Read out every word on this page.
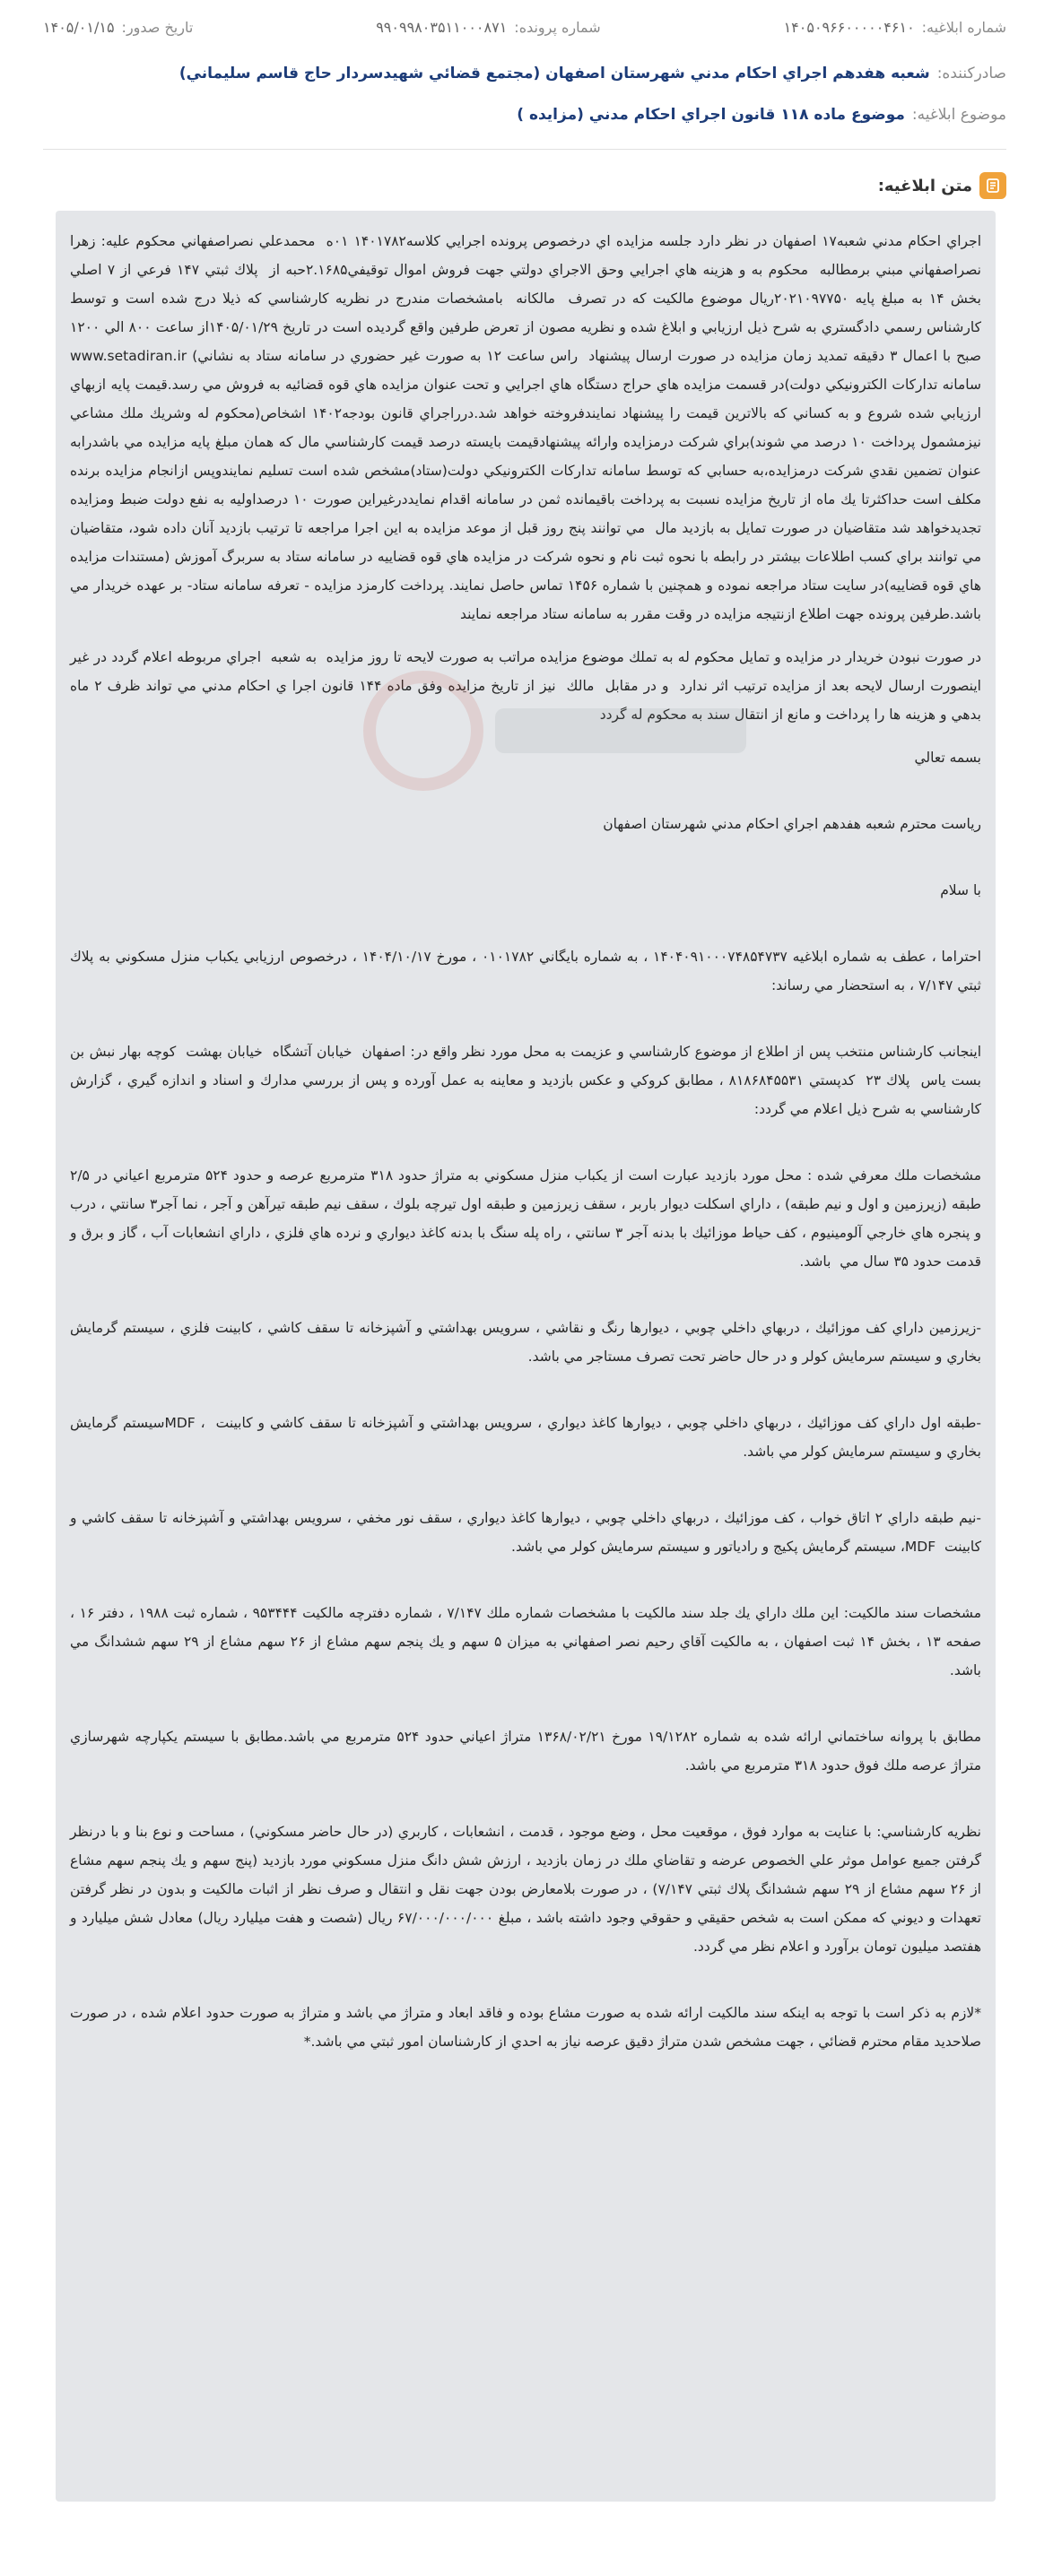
شماره ابلاغیه:
۱۴۰۵۰۹۶۶۰۰۰۰۰۴۶۱۰
شماره پرونده:
۹۹۰۹۹۸۰۳۵۱۱۰۰۰۸۷۱
تاریخ صدور:
۱۴۰۵/۰۱/۱۵
صادرکننده:
شعبه هفدهم اجراي احكام مدني شهرستان اصفهان (مجتمع قضائي شهيدسردار حاج قاسم سليماني)
موضوع ابلاغیه:
موضوع ماده ۱۱۸ قانون اجراي احكام مدني (مزايده )
متن ابلاغیه:

اجراي احكام مدني شعبه۱۷ اصفهان در نظر دارد جلسه مزايده اي درخصوص پرونده اجرايي كلاسه۱۴۰۱۷۸۲ ۰۱ه  محمدعلي نصراصفهاني محكوم عليه: زهرا نصراصفهاني مبني برمطالبه  محكوم به و هزينه هاي اجرايي وحق الاجراي دولتي جهت فروش اموال توقيفي۲.۱۶۸۵حبه از  پلاك ثبتي ۱۴۷ فرعي از ۷ اصلي بخش ۱۴ به مبلغ پايه ۲۰۲۱۰۹۷۷۵۰ريال موضوع مالكيت كه در تصرف  مالكانه  بامشخصات مندرج در نظريه كارشناسي كه ذيلا درج شده است و توسط كارشناس رسمي دادگستري به شرح ذيل ارزيابي و ابلاغ شده و نظريه مصون از تعرض طرفين واقع گرديده است در تاريخ ۱۴۰۵/۰۱/۲۹از ساعت ۸۰۰ الي ۱۲۰۰ صبح با اعمال ۳ دقيقه تمديد زمان مزايده در صورت ارسال پيشنهاد  راس ساعت ۱۲ به صورت غير حضوري در سامانه ستاد به نشاني) www.setadiran.ir سامانه تداركات الكترونيكي دولت)در قسمت مزايده هاي حراج دستگاه هاي اجرايي و تحت عنوان مزايده هاي قوه قضائيه به فروش مي رسد.قيمت پايه ازبهاي ارزيابي شده شروع و به كساني كه بالاترين قيمت را پيشنهاد نمايندفروخته خواهد شد.درراجراي قانون بودجه۱۴۰۲ اشخاص(محكوم له وشريك ملك مشاعي نيزمشمول پرداخت ۱۰ درصد مي شوند)براي شركت درمزايده وارائه پيشنهادقيمت بايسته درصد قيمت كارشناسي مال كه همان مبلغ پايه مزايده مي باشدرابه عنوان تضمين نقدي شركت درمزايده،به حسابي كه توسط سامانه تداركات الكترونيكي دولت(ستاد)مشخص شده است تسليم نمايندوپس ازانجام مزايده برنده مكلف است حداكثرتا يك ماه از تاريخ مزايده نسبت به پرداخت باقيمانده ثمن در سامانه اقدام نمايددرغيراين صورت ۱۰ درصداوليه به نفع دولت ضبط ومزايده تجديدخواهد شد متقاضيان در صورت تمايل به بازديد مال  مي توانند پنج روز قبل از موعد مزايده به اين اجرا مراجعه تا ترتيب بازديد آنان داده شود، متقاضيان مي توانند براي كسب اطلاعات بيشتر در رابطه با نحوه ثبت نام و نحوه شركت در مزايده هاي قوه قضاييه در سامانه ستاد به سربرگ آموزش (مستندات مزايده هاي قوه قضاييه)در سايت ستاد مراجعه نموده و همچنين با شماره ۱۴۵۶ تماس حاصل نمايند. پرداخت كارمزد مزايده - تعرفه سامانه ستاد- بر عهده خريدار مي باشد.طرفين پرونده جهت اطلاع ازنتيجه مزايده در وقت مقرر به سامانه ستاد مراجعه نمايند

در صورت نبودن خريدار در مزايده و تمايل محكوم له به تملك موضوع مزايده مراتب به صورت لايحه تا روز مزايده  به شعبه  اجراي مربوطه اعلام گردد در غير اينصورت ارسال لايحه بعد از مزايده ترتيب اثر ندارد  و در مقابل  مالك  نيز از تاريخ مزايده وفق ماده ۱۴۴ قانون اجرا ي احكام مدني مي تواند ظرف ۲ ماه بدهي و هزينه ها را پرداخت و مانع از انتقال سند به محكوم له گردد

بسمه تعالي

رياست محترم شعبه هفدهم اجراي احكام مدني شهرستان اصفهان

با سلام

احتراما ، عطف به شماره ابلاغيه ۱۴۰۴۰۹۱۰۰۰۷۴۸۵۴۷۳۷ ، به شماره بايگاني ۰۱۰۱۷۸۲ ، مورخ ۱۴۰۴/۱۰/۱۷ ، درخصوص ارزيابي يكباب منزل مسكوني به پلاك ثبتي ۷/۱۴۷ ، به استحضار مي رساند:

اينجانب كارشناس منتخب پس از اطلاع از موضوع كارشناسي و عزيمت به محل مورد نظر واقع در: اصفهان  خيابان آتشگاه  خيابان بهشت  كوچه بهار نبش بن بست ياس  پلاك ۲۳  كدپستي ۸۱۸۶۸۴۵۵۳۱ ، مطابق كروكي و عكس بازديد و معاينه به عمل آورده و پس از بررسي مدارك و اسناد و اندازه گيري ، گزارش كارشناسي به شرح ذيل اعلام مي گردد:

مشخصات ملك معرفي شده : محل مورد بازديد عبارت است از يكباب منزل مسكوني به متراژ حدود ۳۱۸ مترمربع عرصه و حدود ۵۲۴ مترمربع اعياني در ۲/۵ طبقه (زيرزمين و اول و نيم طبقه) ، داراي اسكلت ديوار باربر ، سقف زيرزمين و طبقه اول تيرچه بلوك ، سقف نيم طبقه تيرآهن و آجر ، نما آجر۳ سانتي ، درب و پنجره هاي خارجي آلومينيوم ، كف حياط موزائيك با بدنه آجر ۳ سانتي ، راه پله سنگ با بدنه كاغذ ديواري و نرده هاي فلزي ، داراي انشعابات آب ، گاز و برق و قدمت حدود ۳۵ سال مي  باشد.

-زيرزمين داراي كف موزائيك ، دربهاي داخلي چوبي ، ديوارها رنگ و نقاشي ، سرويس بهداشتي و آشپزخانه تا سقف كاشي ، كابينت فلزي ، سيستم گرمايش بخاري و سيستم سرمايش كولر و در حال حاضر تحت تصرف مستاجر مي باشد.

-طبقه اول داراي كف موزائيك ، دربهاي داخلي چوبي ، ديوارها كاغذ ديواري ، سرويس بهداشتي و آشپزخانه تا سقف كاشي و كابينت  ، MDFسيستم گرمايش بخاري و سيستم سرمايش كولر مي باشد.

-نيم طبقه داراي ۲ اتاق خواب ، كف موزائيك ، دربهاي داخلي چوبي ، ديوارها كاغذ ديواري ، سقف نور مخفي ، سرويس بهداشتي و آشپزخانه تا سقف كاشي و كابينت  MDF، سيستم گرمايش پكيج و رادياتور و سيستم سرمايش كولر مي باشد.

مشخصات سند مالكيت: اين ملك داراي يك جلد سند مالكيت با مشخصات شماره ملك ۷/۱۴۷ ، شماره دفترچه مالكيت ۹۵۳۴۴۴ ، شماره ثبت ۱۹۸۸ ، دفتر ۱۶ ، صفحه ۱۳ ، بخش ۱۴ ثبت اصفهان ، به مالكيت آقاي رحيم نصر اصفهاني به ميزان ۵ سهم و يك پنجم سهم مشاع از ۲۶ سهم مشاع از ۲۹ سهم ششدانگ مي باشد.

مطابق با پروانه ساختماني ارائه شده به شماره ۱۹/۱۲۸۲ مورخ ۱۳۶۸/۰۲/۲۱ متراژ اعياني حدود ۵۲۴ مترمربع مي باشد.مطابق با سيستم يكپارچه شهرسازي متراژ عرصه ملك فوق حدود ۳۱۸ مترمربع مي باشد.

نظريه كارشناسي: با عنايت به موارد فوق ، موقعيت محل ، وضع موجود ، قدمت ، انشعابات ، كاربري (در حال حاضر مسكوني) ، مساحت و نوع بنا و با درنظر گرفتن جميع عوامل موثر علي الخصوص عرضه و تقاضاي ملك در زمان بازديد ، ارزش شش دانگ منزل مسكوني مورد بازديد (پنج سهم و يك پنجم سهم مشاع از ۲۶ سهم مشاع از ۲۹ سهم ششدانگ پلاك ثبتي ۷/۱۴۷) ، در صورت بلامعارض بودن جهت نقل و انتقال و صرف نظر از اثبات مالكيت و بدون در نظر گرفتن تعهدات و ديوني كه ممكن است به شخص حقيقي و حقوقي وجود داشته باشد ، مبلغ ۶۷/۰۰۰/۰۰۰/۰۰۰ ريال (شصت و هفت ميليارد ريال) معادل شش ميليارد و هفتصد ميليون تومان برآورد و اعلام نظر مي گردد.

*لازم به ذكر است با توجه به اينكه سند مالكيت ارائه شده به صورت مشاع بوده و فاقد ابعاد و متراژ مي باشد و متراژ به صورت حدود اعلام شده ، در صورت صلاحديد مقام محترم قضائي ، جهت مشخص شدن متراژ دقيق عرصه نياز به احدي از كارشناسان امور ثبتي مي باشد.*
